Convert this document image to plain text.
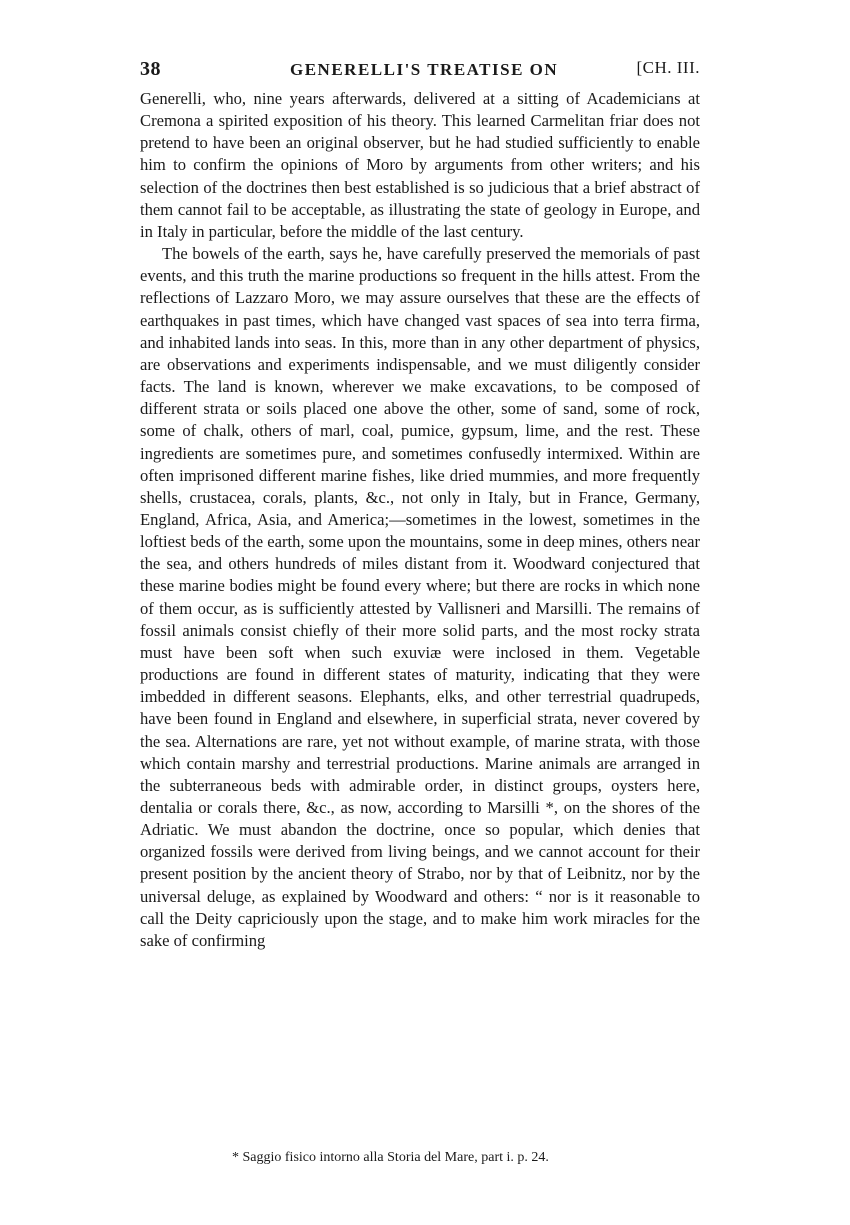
38	GENERELLI'S TREATISE ON	[CH. III.

Generelli, who, nine years afterwards, delivered at a sitting of Academicians at Cremona a spirited exposition of his theory. This learned Carmelitan friar does not pretend to have been an original observer, but he had studied sufficiently to enable him to confirm the opinions of Moro by arguments from other writers; and his selection of the doctrines then best established is so judicious that a brief abstract of them cannot fail to be acceptable, as illustrating the state of geology in Europe, and in Italy in particular, before the middle of the last century.

The bowels of the earth, says he, have carefully preserved the memorials of past events, and this truth the marine productions so frequent in the hills attest. From the reflections of Lazzaro Moro, we may assure ourselves that these are the effects of earthquakes in past times, which have changed vast spaces of sea into terra firma, and inhabited lands into seas. In this, more than in any other department of physics, are observations and experiments indispensable, and we must diligently consider facts. The land is known, wherever we make excavations, to be composed of different strata or soils placed one above the other, some of sand, some of rock, some of chalk, others of marl, coal, pumice, gypsum, lime, and the rest. These ingredients are sometimes pure, and sometimes confusedly intermixed. Within are often imprisoned different marine fishes, like dried mummies, and more frequently shells, crustacea, corals, plants, &c., not only in Italy, but in France, Germany, England, Africa, Asia, and America;—sometimes in the lowest, sometimes in the loftiest beds of the earth, some upon the mountains, some in deep mines, others near the sea, and others hundreds of miles distant from it. Woodward conjectured that these marine bodies might be found every where; but there are rocks in which none of them occur, as is sufficiently attested by Vallisneri and Marsilli. The remains of fossil animals consist chiefly of their more solid parts, and the most rocky strata must have been soft when such exuviæ were inclosed in them. Vegetable productions are found in different states of maturity, indicating that they were imbedded in different seasons. Elephants, elks, and other terrestrial quadrupeds, have been found in England and elsewhere, in superficial strata, never covered by the sea. Alternations are rare, yet not without example, of marine strata, with those which contain marshy and terrestrial productions. Marine animals are arranged in the subterraneous beds with admirable order, in distinct groups, oysters here, dentalia or corals there, &c., as now, according to Marsilli *, on the shores of the Adriatic. We must abandon the doctrine, once so popular, which denies that organized fossils were derived from living beings, and we cannot account for their present position by the ancient theory of Strabo, nor by that of Leibnitz, nor by the universal deluge, as explained by Woodward and others: “ nor is it reasonable to call the Deity capriciously upon the stage, and to make him work miracles for the sake of confirming

* Saggio fisico intorno alla Storia del Mare, part i. p. 24.
